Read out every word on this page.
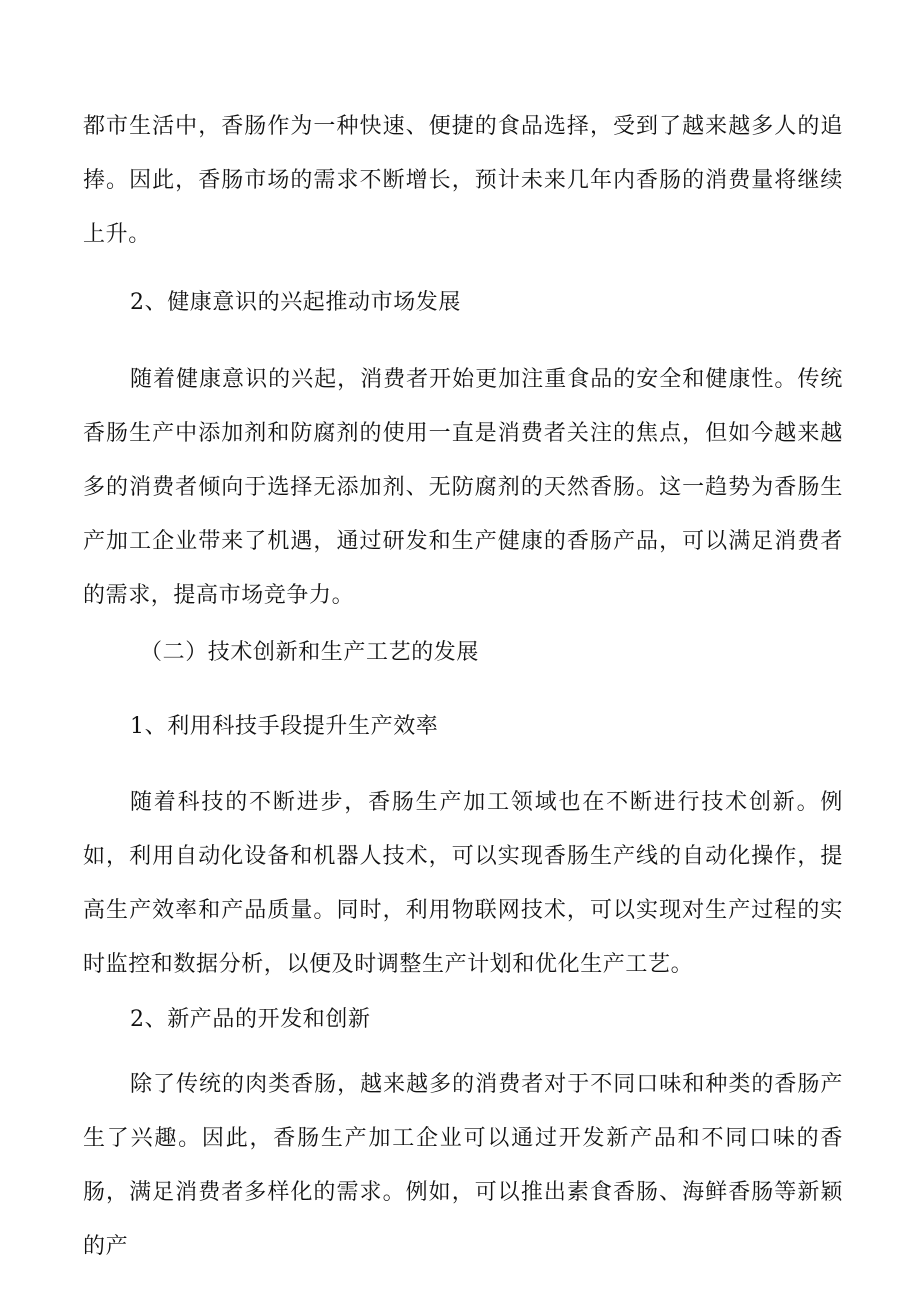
都市生活中，香肠作为一种快速、便捷的食品选择，受到了越来越多人的追捧。因此，香肠市场的需求不断增长，预计未来几年内香肠的消费量将继续上升。
2、健康意识的兴起推动市场发展
随着健康意识的兴起，消费者开始更加注重食品的安全和健康性。传统香肠生产中添加剂和防腐剂的使用一直是消费者关注的焦点，但如今越来越多的消费者倾向于选择无添加剂、无防腐剂的天然香肠。这一趋势为香肠生产加工企业带来了机遇，通过研发和生产健康的香肠产品，可以满足消费者的需求，提高市场竞争力。
（二）技术创新和生产工艺的发展
1、利用科技手段提升生产效率
随着科技的不断进步，香肠生产加工领域也在不断进行技术创新。例如，利用自动化设备和机器人技术，可以实现香肠生产线的自动化操作，提高生产效率和产品质量。同时，利用物联网技术，可以实现对生产过程的实时监控和数据分析，以便及时调整生产计划和优化生产工艺。
2、新产品的开发和创新
除了传统的肉类香肠，越来越多的消费者对于不同口味和种类的香肠产生了兴趣。因此，香肠生产加工企业可以通过开发新产品和不同口味的香肠，满足消费者多样化的需求。例如，可以推出素食香肠、海鲜香肠等新颖的产
